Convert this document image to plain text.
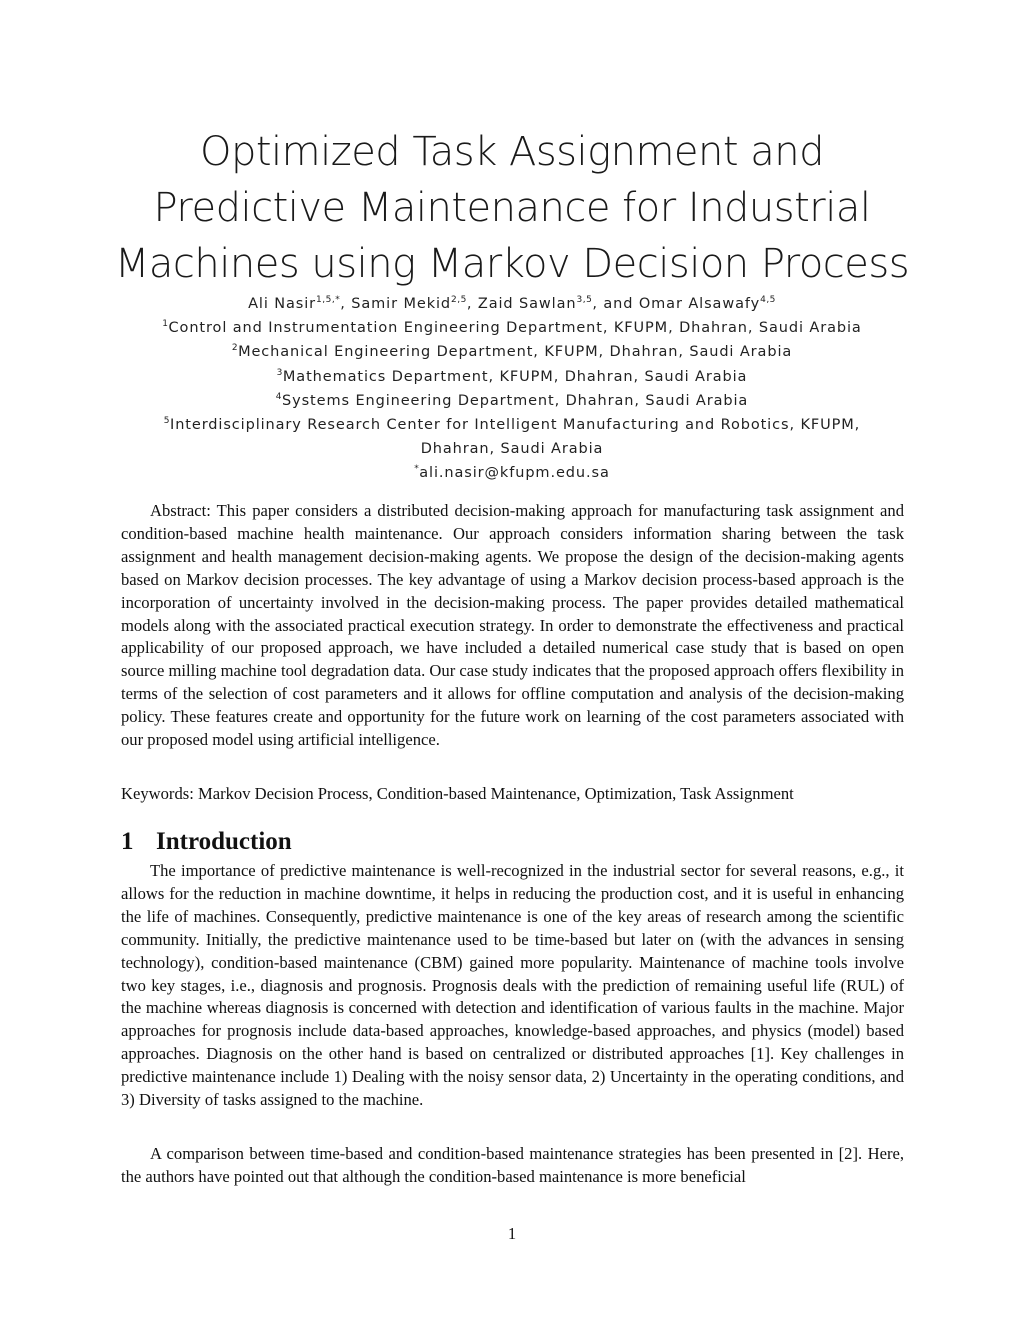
Optimized Task Assignment and
Predictive Maintenance for Industrial
Machines using Markov Decision Process
Ali Nasir$^{1,5,*}$, Samir Mekid$^{2,5}$, Zaid Sawlan$^{3,5}$, and Omar Alsawafy$^{4,5}$
$^1$Control and Instrumentation Engineering Department, KFUPM, Dhahran, Saudi Arabia
$^2$Mechanical Engineering Department, KFUPM, Dhahran, Saudi Arabia
$^3$Mathematics Department, KFUPM, Dhahran, Saudi Arabia
$^4$Systems Engineering Department, Dhahran, Saudi Arabia
$^5$Interdisciplinary Research Center for Intelligent Manufacturing and Robotics, KFUPM,
Dhahran, Saudi Arabia
*ali.nasir@kfupm.edu.sa

Abstract: This paper considers a distributed decision-making approach for manufacturing task assignment and condition-based machine health maintenance. Our approach considers information sharing between the task assignment and health management decision-making agents. We propose the design of the decision-making agents based on Markov decision processes. The key advantage of using a Markov decision process-based approach is the incorporation of uncertainty involved in the decision-making process. The paper provides detailed mathematical models along with the associated practical execution strategy. In order to demonstrate the effectiveness and practical applicability of our proposed approach, we have included a detailed numerical case study that is based on open source milling machine tool degradation data. Our case study indicates that the proposed approach offers flexibility in terms of the selection of cost parameters and it allows for offline computation and analysis of the decision-making policy. These features create and opportunity for the future work on learning of the cost parameters associated with our proposed model using artificial intelligence.

Keywords: Markov Decision Process, Condition-based Maintenance, Optimization, Task Assignment
1 Introduction

The importance of predictive maintenance is well-recognized in the industrial sector for several reasons, e.g., it allows for the reduction in machine downtime, it helps in reducing the production cost, and it is useful in enhancing the life of machines. Consequently, predictive maintenance is one of the key areas of research among the scientific community. Initially, the predictive maintenance used to be time-based but later on (with the advances in sensing technology), condition-based maintenance (CBM) gained more popularity. Maintenance of machine tools involve two key stages, i.e., diagnosis and prognosis. Prognosis deals with the prediction of remaining useful life (RUL) of the machine whereas diagnosis is concerned with detection and identification of various faults in the machine. Major approaches for prognosis include data-based approaches, knowledge-based approaches, and physics (model) based approaches. Diagnosis on the other hand is based on centralized or distributed approaches [1]. Key challenges in predictive maintenance include 1) Dealing with the noisy sensor data, 2) Uncertainty in the operating conditions, and 3) Diversity of tasks assigned to the machine.

A comparison between time-based and condition-based maintenance strategies has been presented in [2]. Here, the authors have pointed out that although the condition-based maintenance is more beneficial

1
